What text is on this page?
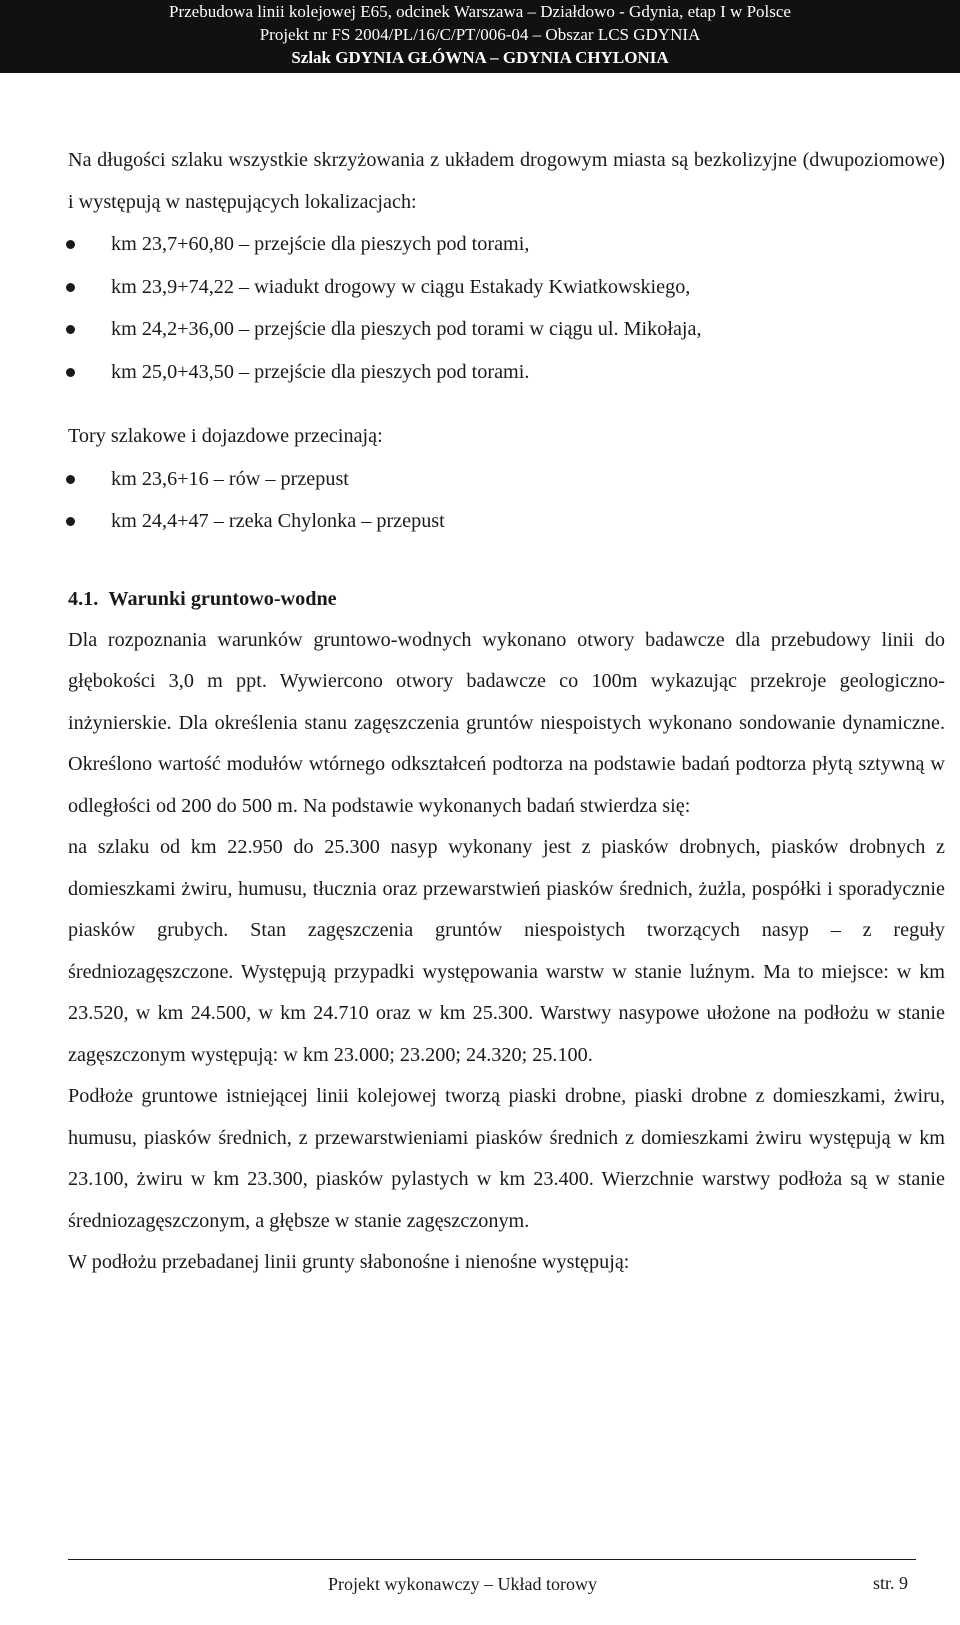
Przebudowa linii kolejowej E65, odcinek Warszawa – Działdowo - Gdynia, etap I w Polsce
Projekt nr FS 2004/PL/16/C/PT/006-04 – Obszar LCS GDYNIA
Szlak GDYNIA GŁÓWNA – GDYNIA CHYLONIA

Na długości szlaku wszystkie skrzyżowania z układem drogowym miasta są bezkolizyjne (dwupoziomowe) i występują w następujących lokalizacjach:

km 23,7+60,80 – przejście dla pieszych pod torami,
km 23,9+74,22 – wiadukt drogowy w ciągu Estakady Kwiatkowskiego,
km 24,2+36,00 – przejście dla pieszych pod torami w ciągu ul. Mikołaja,
km 25,0+43,50 – przejście dla pieszych pod torami.

Tory szlakowe i dojazdowe przecinają:

km 23,6+16 – rów – przepust
km 24,4+47 – rzeka Chylonka – przepust
4.1. Warunki gruntowo-wodne

Dla rozpoznania warunków gruntowo-wodnych wykonano otwory badawcze dla przebudowy linii do głębokości 3,0 m ppt. Wywiercono otwory badawcze co 100m wykazując przekroje geologiczno-inżynierskie. Dla określenia stanu zagęszczenia gruntów niespoistych wykonano sondowanie dynamiczne. Określono wartość modułów wtórnego odkształceń podtorza na podstawie badań podtorza płytą sztywną w odległości od 200 do 500 m. Na podstawie wykonanych badań stwierdza się:

na szlaku od km 22.950 do 25.300 nasyp wykonany jest z piasków drobnych, piasków drobnych z domieszkami żwiru, humusu, tłucznia oraz przewarstwień piasków średnich, żużla, pospółki i sporadycznie piasków grubych. Stan zagęszczenia gruntów niespoistych tworzących nasyp – z reguły średniozagęszczone. Występują przypadki występowania warstw w stanie luźnym. Ma to miejsce: w km 23.520, w km 24.500, w km 24.710 oraz w km 25.300. Warstwy nasypowe ułożone na podłożu w stanie zagęszczonym występują: w km 23.000; 23.200; 24.320; 25.100.

Podłoże gruntowe istniejącej linii kolejowej tworzą piaski drobne, piaski drobne z domieszkami, żwiru, humusu, piasków średnich, z przewarstwieniami piasków średnich z domieszkami żwiru występują w km 23.100, żwiru w km 23.300, piasków pylastych w km 23.400. Wierzchnie warstwy podłoża są w stanie średniozagęszczonym, a głębsze w stanie zagęszczonym.

W podłożu przebadanej linii grunty słabonośne i nienośne występują:

Projekt wykonawczy – Układ torowy	str. 9
